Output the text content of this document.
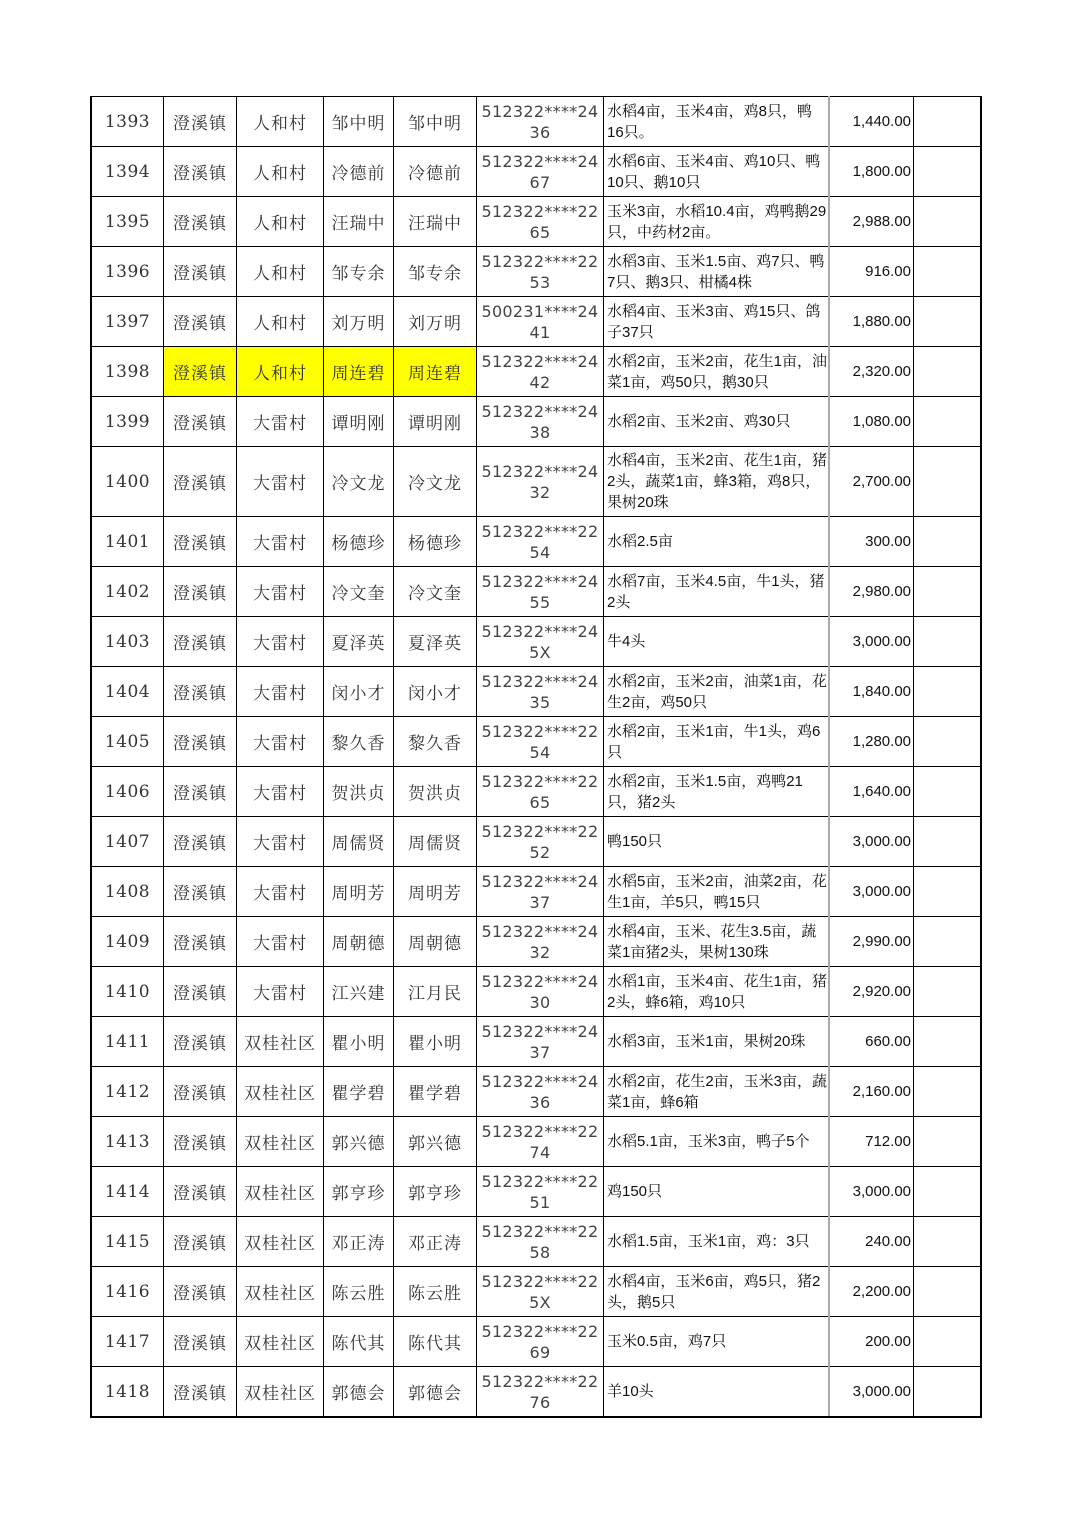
1393	澄溪镇	人和村	邹中明	邹中明	512322****2436	水稻4亩，玉米4亩，鸡8只，鸭16只。	1,440.00	
1394	澄溪镇	人和村	冷德前	冷德前	512322****2467	水稻6亩、玉米4亩、鸡10只、鸭10只、鹅10只	1,800.00	
1395	澄溪镇	人和村	汪瑞中	汪瑞中	512322****2265	玉米3亩，水稻10.4亩，鸡鸭鹅29只，中药材2亩。	2,988.00	
1396	澄溪镇	人和村	邹专余	邹专余	512322****2253	水稻3亩、玉米1.5亩、鸡7只、鸭7只、鹅3只、柑橘4株	916.00	
1397	澄溪镇	人和村	刘万明	刘万明	500231****2441	水稻4亩、玉米3亩、鸡15只、鸽子37只	1,880.00	
1398	澄溪镇	人和村	周连碧	周连碧	512322****2442	水稻2亩，玉米2亩，花生1亩，油菜1亩，鸡50只，鹅30只	2,320.00	
1399	澄溪镇	大雷村	谭明刚	谭明刚	512322****2438	水稻2亩、玉米2亩、鸡30只	1,080.00	
1400	澄溪镇	大雷村	冷文龙	冷文龙	512322****2432	水稻4亩，玉米2亩、花生1亩，猪2头，蔬菜1亩，蜂3箱，鸡8只，果树20珠	2,700.00	
1401	澄溪镇	大雷村	杨德珍	杨德珍	512322****2254	水稻2.5亩	300.00	
1402	澄溪镇	大雷村	冷文奎	冷文奎	512322****2455	水稻7亩，玉米4.5亩，牛1头，猪2头	2,980.00	
1403	澄溪镇	大雷村	夏泽英	夏泽英	512322****245X	牛4头	3,000.00	
1404	澄溪镇	大雷村	闵小才	闵小才	512322****2435	水稻2亩，玉米2亩，油菜1亩，花生2亩，鸡50只	1,840.00	
1405	澄溪镇	大雷村	黎久香	黎久香	512322****2254	水稻2亩，玉米1亩，牛1头，鸡6只	1,280.00	
1406	澄溪镇	大雷村	贺洪贞	贺洪贞	512322****2265	水稻2亩，玉米1.5亩，鸡鸭21只，猪2头	1,640.00	
1407	澄溪镇	大雷村	周儒贤	周儒贤	512322****2252	鸭150只	3,000.00	
1408	澄溪镇	大雷村	周明芳	周明芳	512322****2437	水稻5亩，玉米2亩，油菜2亩，花生1亩，羊5只，鸭15只	3,000.00	
1409	澄溪镇	大雷村	周朝德	周朝德	512322****2432	水稻4亩，玉米、花生3.5亩，蔬菜1亩猪2头，果树130珠	2,990.00	
1410	澄溪镇	大雷村	江兴建	江月民	512322****2430	水稻1亩，玉米4亩、花生1亩，猪2头，蜂6箱，鸡10只	2,920.00	
1411	澄溪镇	双桂社区	瞿小明	瞿小明	512322****2437	水稻3亩，玉米1亩，果树20珠	660.00	
1412	澄溪镇	双桂社区	瞿学碧	瞿学碧	512322****2436	水稻2亩，花生2亩，玉米3亩，蔬菜1亩，蜂6箱	2,160.00	
1413	澄溪镇	双桂社区	郭兴德	郭兴德	512322****2274	水稻5.1亩，玉米3亩，鸭子5个	712.00	
1414	澄溪镇	双桂社区	郭亨珍	郭亨珍	512322****2251	鸡150只	3,000.00	
1415	澄溪镇	双桂社区	邓正涛	邓正涛	512322****2258	水稻1.5亩，玉米1亩，鸡：3只	240.00	
1416	澄溪镇	双桂社区	陈云胜	陈云胜	512322****225X	水稻4亩，玉米6亩，鸡5只，猪2头，鹅5只	2,200.00	
1417	澄溪镇	双桂社区	陈代其	陈代其	512322****2269	玉米0.5亩，鸡7只	200.00	
1418	澄溪镇	双桂社区	郭德会	郭德会	512322****2276	羊10头	3,000.00	
